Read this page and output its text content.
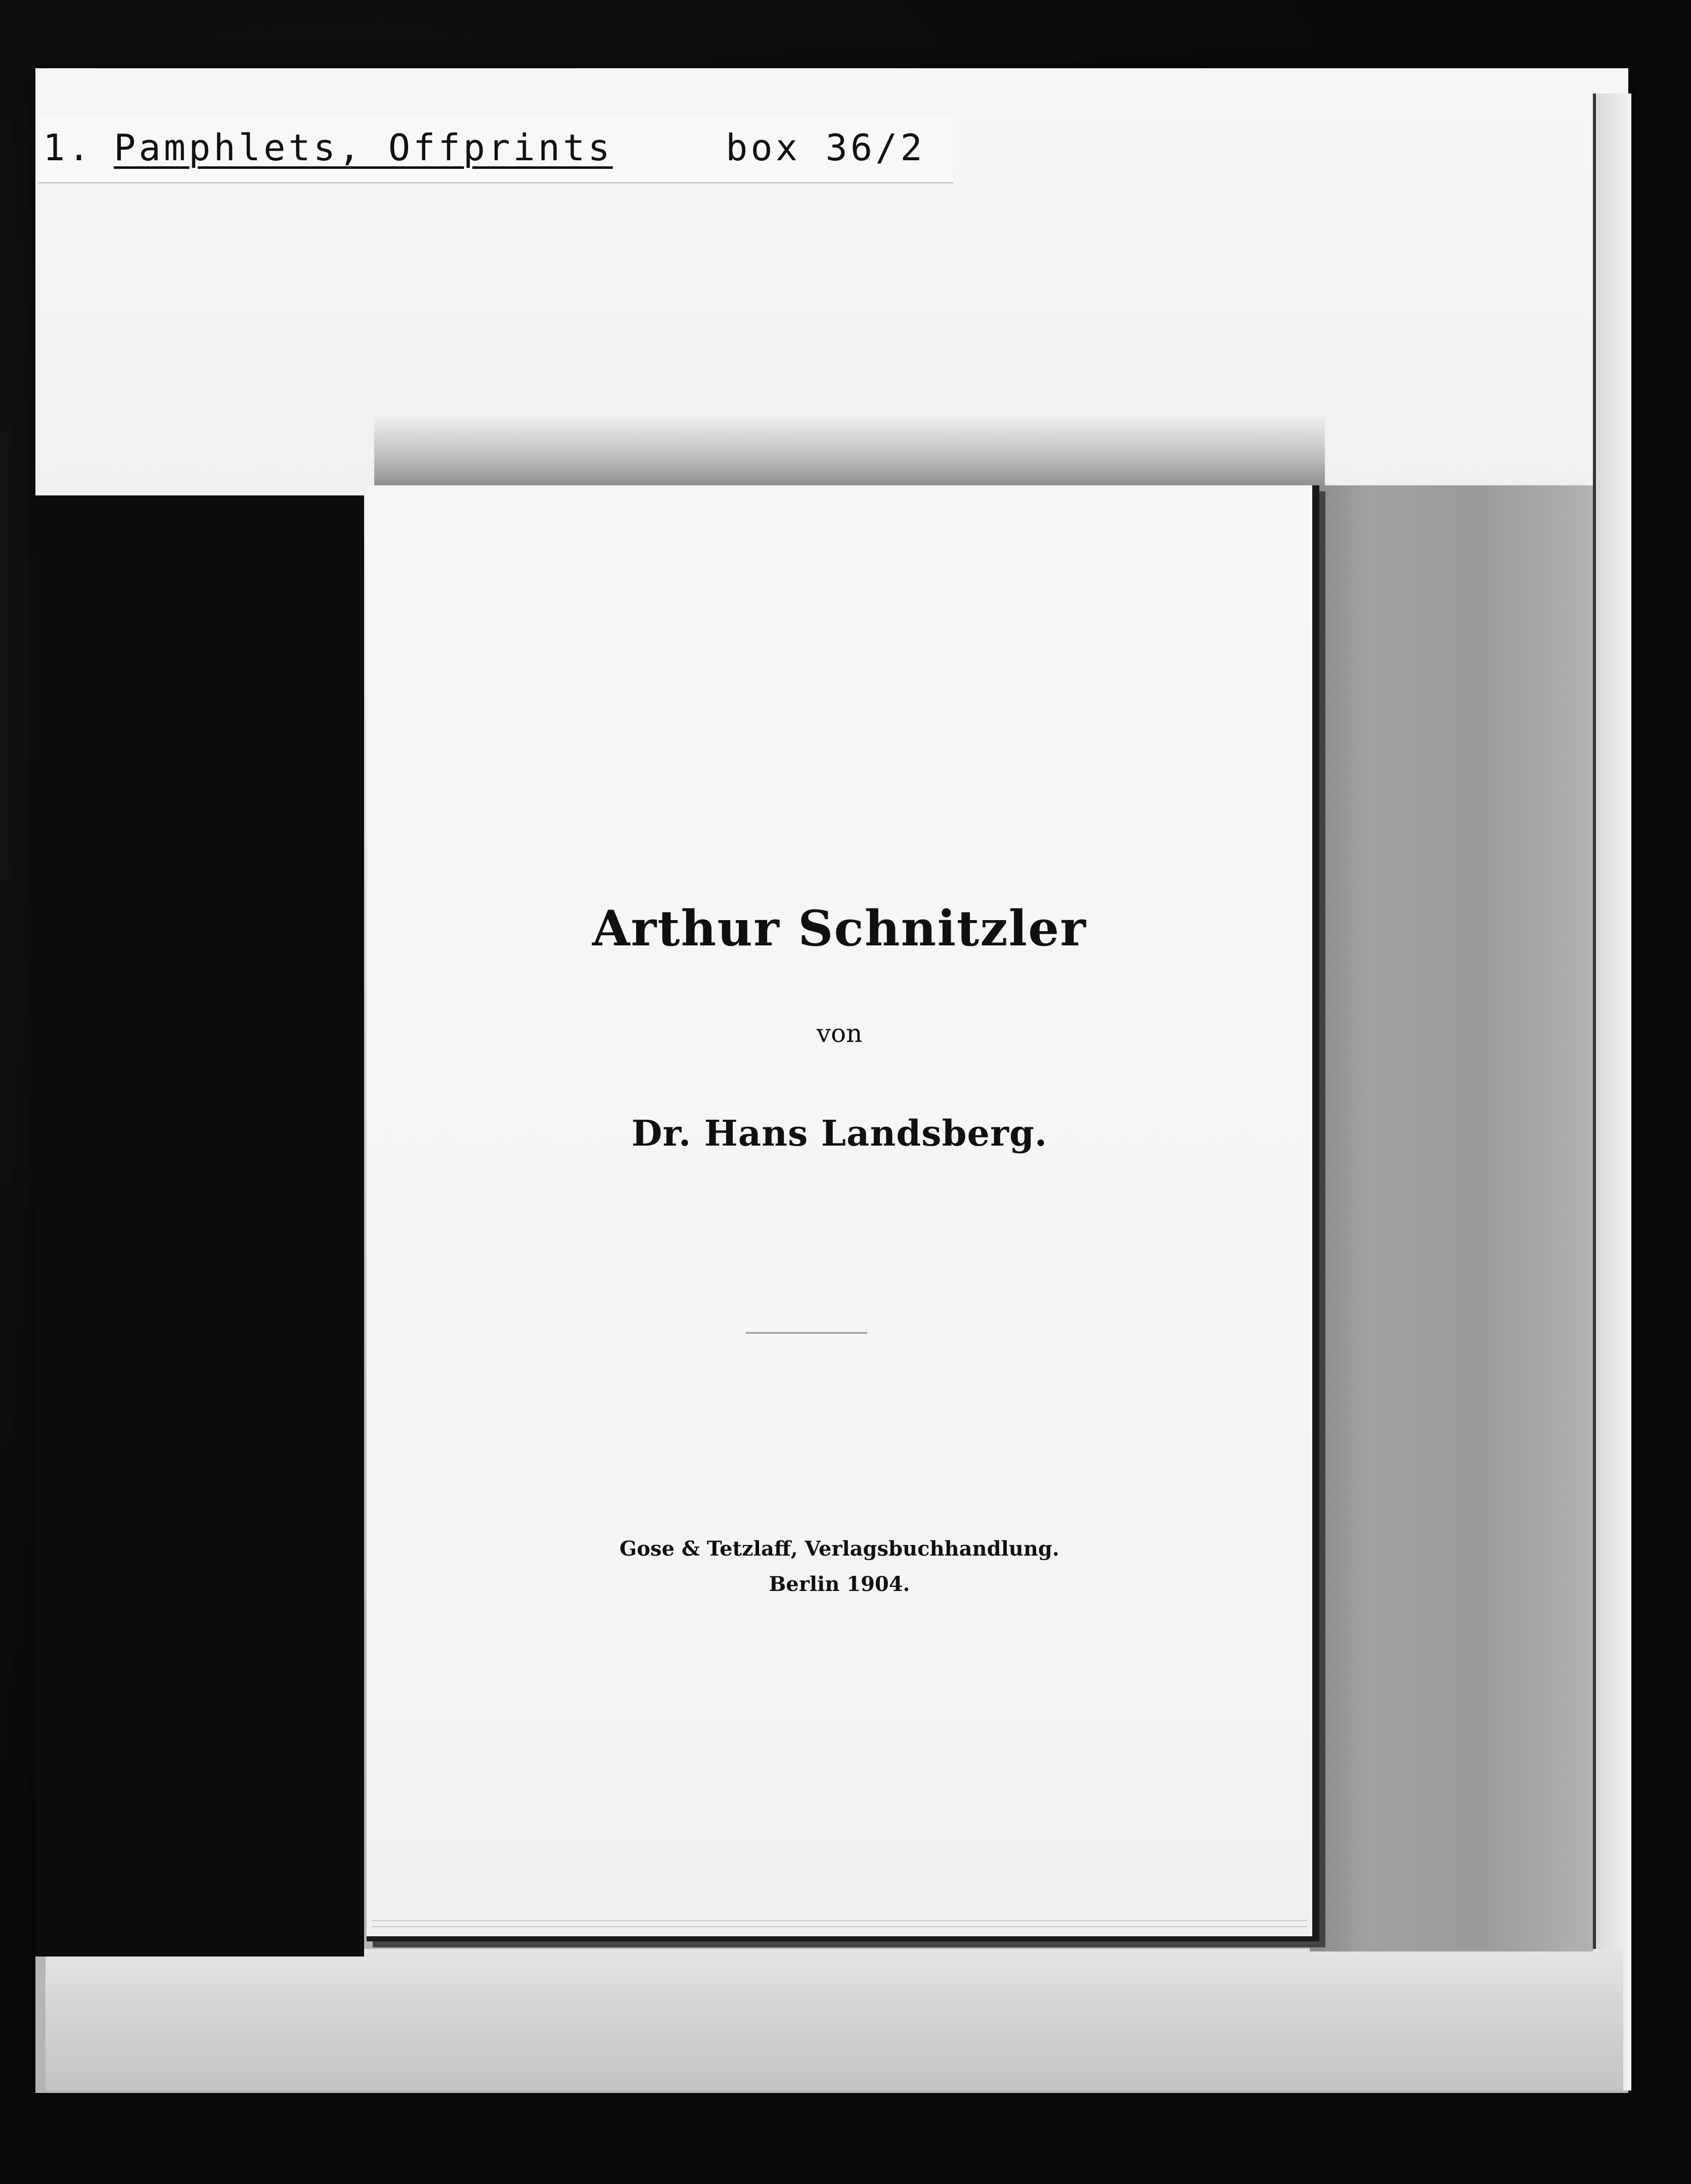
1. Pamphlets, Offprints	box 36/2
Arthur Schnitzler
von
Dr. Hans Landsberg.
Gose & Tetzlaff, Verlagsbuchhandlung.
Berlin 1904.
